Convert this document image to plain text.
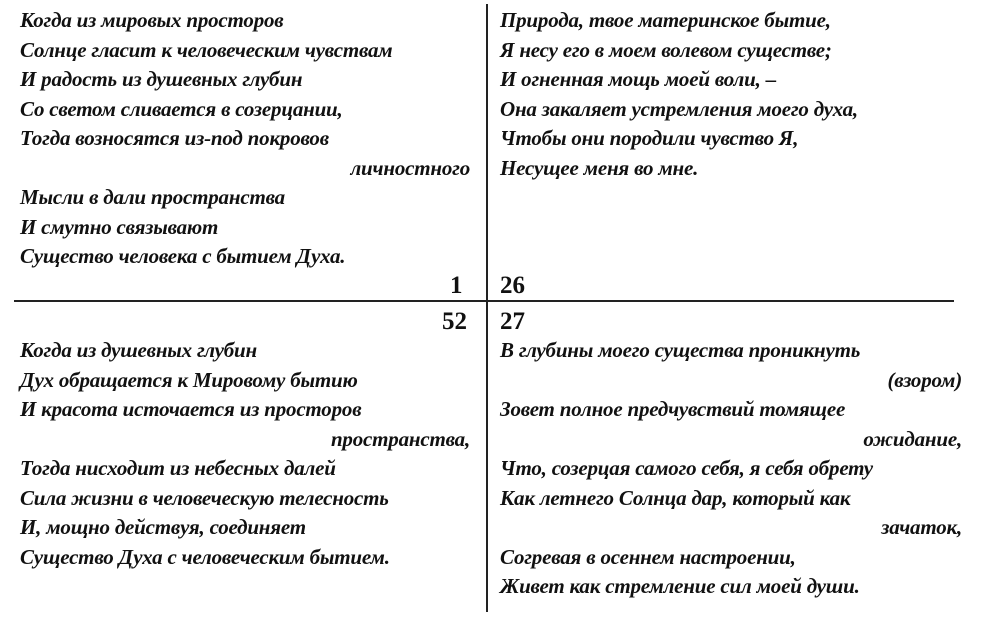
Когда из мировых просторов
Солнце гласит к человеческим чувствам
И радость из душевных глубин
Со светом сливается в созерцании,
Тогда возносятся из-под покровов
личностного
Мысли в дали пространства
И смутно связывают
Существо человека с бытием Духа.
1
Природа, твое материнское бытие,
Я несу его в моем волевом существе;
И огненная мощь моей воли, –
Она закаляет устремления моего духа,
Чтобы они породили чувство Я,
Несущее меня во мне.
26
52
Когда из душевных глубин
Дух обращается к Мировому бытию
И красота источается из просторов
пространства,
Тогда нисходит из небесных далей
Сила жизни в человеческую телесность
И, мощно действуя, соединяет
Существо Духа с человеческим бытием.
27
В глубины моего существа проникнуть
(взором)
Зовет полное предчувствий томящее
ожидание,
Что, созерцая самого себя, я себя обрету
Как летнего Солнца дар, который как
зачаток,
Согревая в осеннем настроении,
Живет как стремление сил моей души.
